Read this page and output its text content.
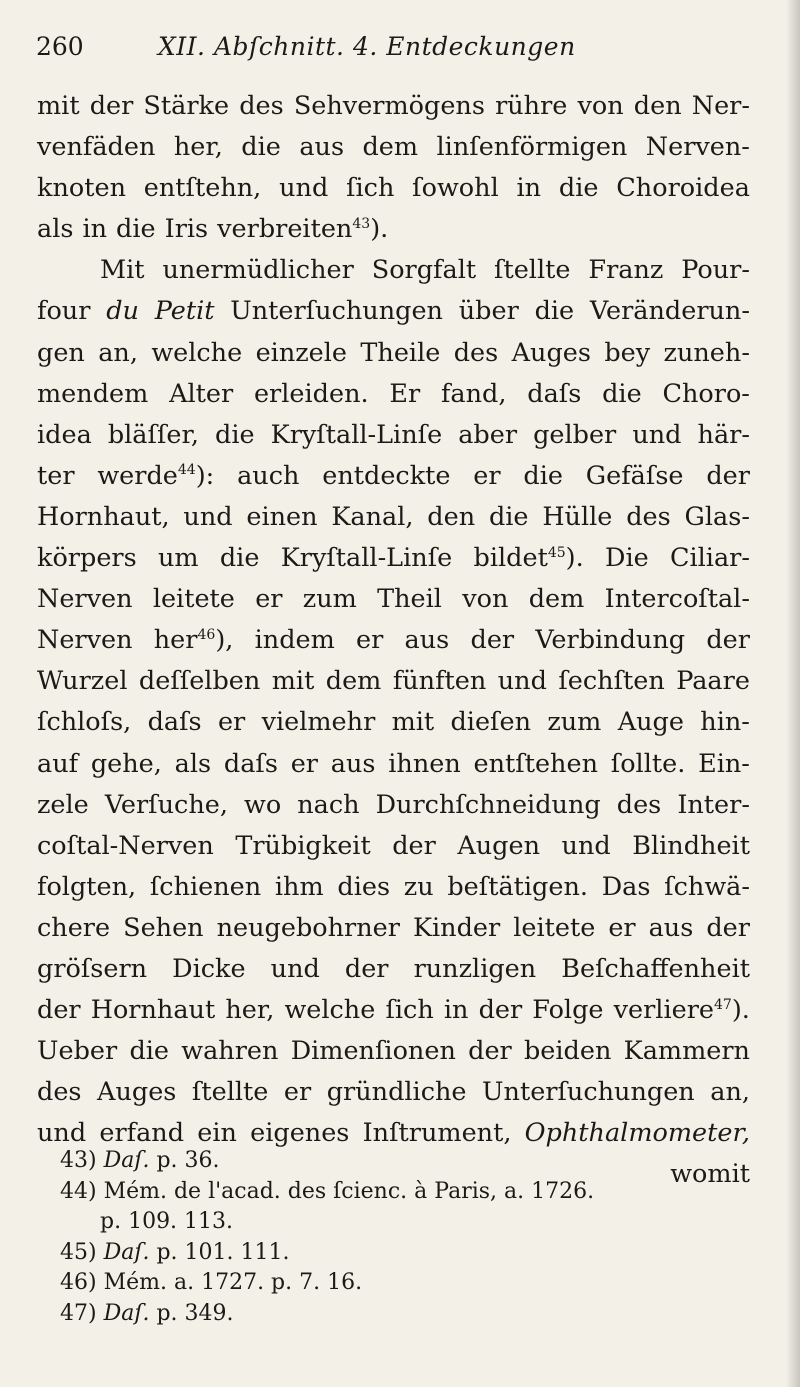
260	XII. Abſchnitt. 4. Entdeckungen
mit der Stärke des Sehvermögens rühre von den Ner-
venfäden her, die aus dem linſenförmigen Nerven-
knoten entſtehn, und ſich ſowohl in die Choroidea
als in die Iris verbreiten43).
Mit unermüdlicher Sorgfalt ſtellte Franz Pour-
four du Petit Unterſuchungen über die Veränderun-
gen an, welche einzele Theile des Auges bey zuneh-
mendem Alter erleiden. Er fand, daſs die Choro-
idea bläſſer, die Kryſtall-Linſe aber gelber und här-
ter werde44): auch entdeckte er die Gefäſse der
Hornhaut, und einen Kanal, den die Hülle des Glas-
körpers um die Kryſtall-Linſe bildet45). Die Ciliar-
Nerven leitete er zum Theil von dem Intercoſtal-
Nerven her46), indem er aus der Verbindung der
Wurzel deſſelben mit dem fünften und ſechſten Paare
ſchloſs, daſs er vielmehr mit dieſen zum Auge hin-
auf gehe, als daſs er aus ihnen entſtehen ſollte. Ein-
zele Verſuche, wo nach Durchſchneidung des Inter-
coſtal-Nerven Trübigkeit der Augen und Blindheit
folgten, ſchienen ihm dies zu beſtätigen. Das ſchwä-
chere Sehen neugebohrner Kinder leitete er aus der
gröſsern Dicke und der runzligen Beſchaffenheit
der Hornhaut her, welche ſich in der Folge verliere47).
Ueber die wahren Dimenſionen der beiden Kammern
des Auges ſtellte er gründliche Unterſuchungen an,
und erfand ein eigenes Inſtrument, Ophthalmometer,
womit
43) Daſ. p. 36.
44) Mém. de l'acad. des ſcienc. à Paris, a. 1726.
p. 109. 113.
45) Daſ. p. 101. 111.
46) Mém. a. 1727. p. 7. 16.
47) Daſ. p. 349.
